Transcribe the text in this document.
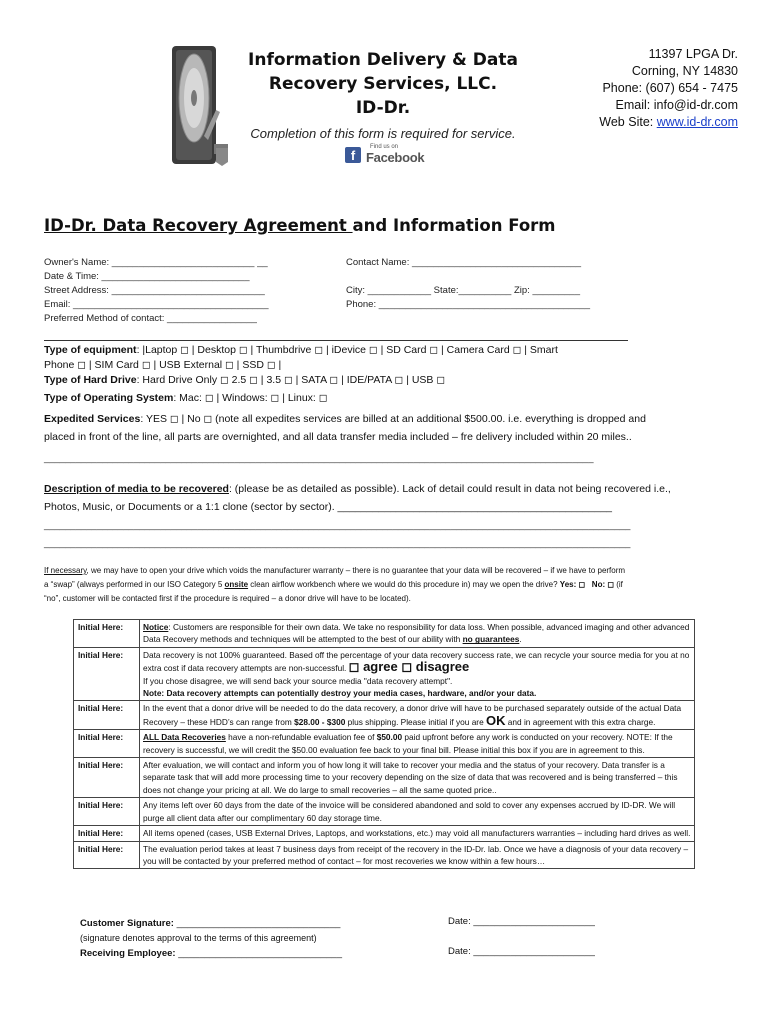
Information Delivery & Data
Recovery Services, LLC.
ID-Dr.
Completion of this form is required for service.
f
Find us on
Facebook
11397 LPGA Dr.
Corning, NY 14830
Phone: (607) 654 - 7475
Email: info@id-dr.com
Web Site: www.id-dr.com
ID-Dr. Data Recovery Agreement and Information Form
Owner's Name: ___________________________ __
Date & Time: ____________________________
Street Address: _____________________________
Email: _____________________________________
Preferred Method of contact: _________________
Contact Name: ________________________________
City: ____________ State:__________ Zip: _________
Phone: ________________________________________
Type of equipment: |Laptop ◻ | Desktop ◻ | Thumbdrive ◻ | iDevice ◻ | SD Card ◻ | Camera Card ◻ | Smart
Phone ◻ | SIM Card ◻ | USB External ◻ | SSD ◻ |
Type of Hard Drive: Hard Drive Only ◻ 2.5 ◻ | 3.5 ◻ | SATA ◻ | IDE/PATA ◻ | USB ◻
Type of Operating System: Mac: ◻ | Windows: ◻ | Linux: ◻
Expedited Services: YES ◻ | No ◻ (note all expedites services are billed at an additional $500.00. i.e. everything is dropped and
placed in front of the line, all parts are overnighted, and all data transfer media included – fre delivery included within 20 miles..
________________________________________________________________________________________________________
Description of media to be recovered: (please be as detailed as possible). Lack of detail could result in data not being recovered i.e.,
Photos, Music, or Documents or a 1:1 clone (sector by sector). _______________________________________________
_______________________________________________________________________________________________________________
_______________________________________________________________________________________________________________
If necessary, we may have to open your drive which voids the manufacturer warranty – there is no guarantee that your data will be recovered – if we have to perform
a “swap” (always performed in our ISO Category 5 onsite clean airflow workbench where we would do this procedure in) may we open the drive? Yes: ◻ No: ◻ (if
“no”, customer will be contacted first if the procedure is required – a donor drive will have to be located).
Initial Here:	Notice: Customers are responsible for their own data. We take no responsibility for data loss. When possible, advanced imaging and other advanced Data Recovery methods and techniques will be attempted to the best of our ability with no guarantees.
Initial Here:	Data recovery is not 100% guaranteed. Based off the percentage of your data recovery success rate, we can recycle your source media for you at no extra cost if data recovery attempts are non-successful. ◻ agree ◻ disagree
If you chose disagree, we will send back your source media "data recovery attempt".
Note: Data recovery attempts can potentially destroy your media cases, hardware, and/or your data.
Initial Here:	In the event that a donor drive will be needed to do the data recovery, a donor drive will have to be purchased separately outside of the actual Data Recovery – these HDD’s can range from $28.00 - $300 plus shipping. Please initial if you are OK and in agreement with this extra charge.
Initial Here:	ALL Data Recoveries have a non-refundable evaluation fee of $50.00 paid upfront before any work is conducted on your recovery. NOTE: If the recovery is successful, we will credit the $50.00 evaluation fee back to your final bill. Please initial this box if you are in agreement to this.
Initial Here:	After evaluation, we will contact and inform you of how long it will take to recover your media and the status of your recovery. Data transfer is a separate task that will add more processing time to your recovery depending on the size of data that was recovered and is being transferred – this does not change your pricing at all. We do large to small recoveries – all the same quoted price..
Initial Here:	Any items left over 60 days from the date of the invoice will be considered abandoned and sold to cover any expenses accrued by ID-DR. We will purge all client data after our complimentary 60 day storage time.
Initial Here:	All items opened (cases, USB External Drives, Laptops, and workstations, etc.) may void all manufacturers warranties – including hard drives as well.
Initial Here:	The evaluation period takes at least 7 business days from receipt of the recovery in the ID-Dr. lab. Once we have a diagnosis of your data recovery – you will be contacted by your preferred method of contact – for most recoveries we know within a few hours…
Customer Signature: _______________________________
(signature denotes approval to the terms of this agreement)
Receiving Employee: _______________________________
Date: _______________________
Date: _______________________
